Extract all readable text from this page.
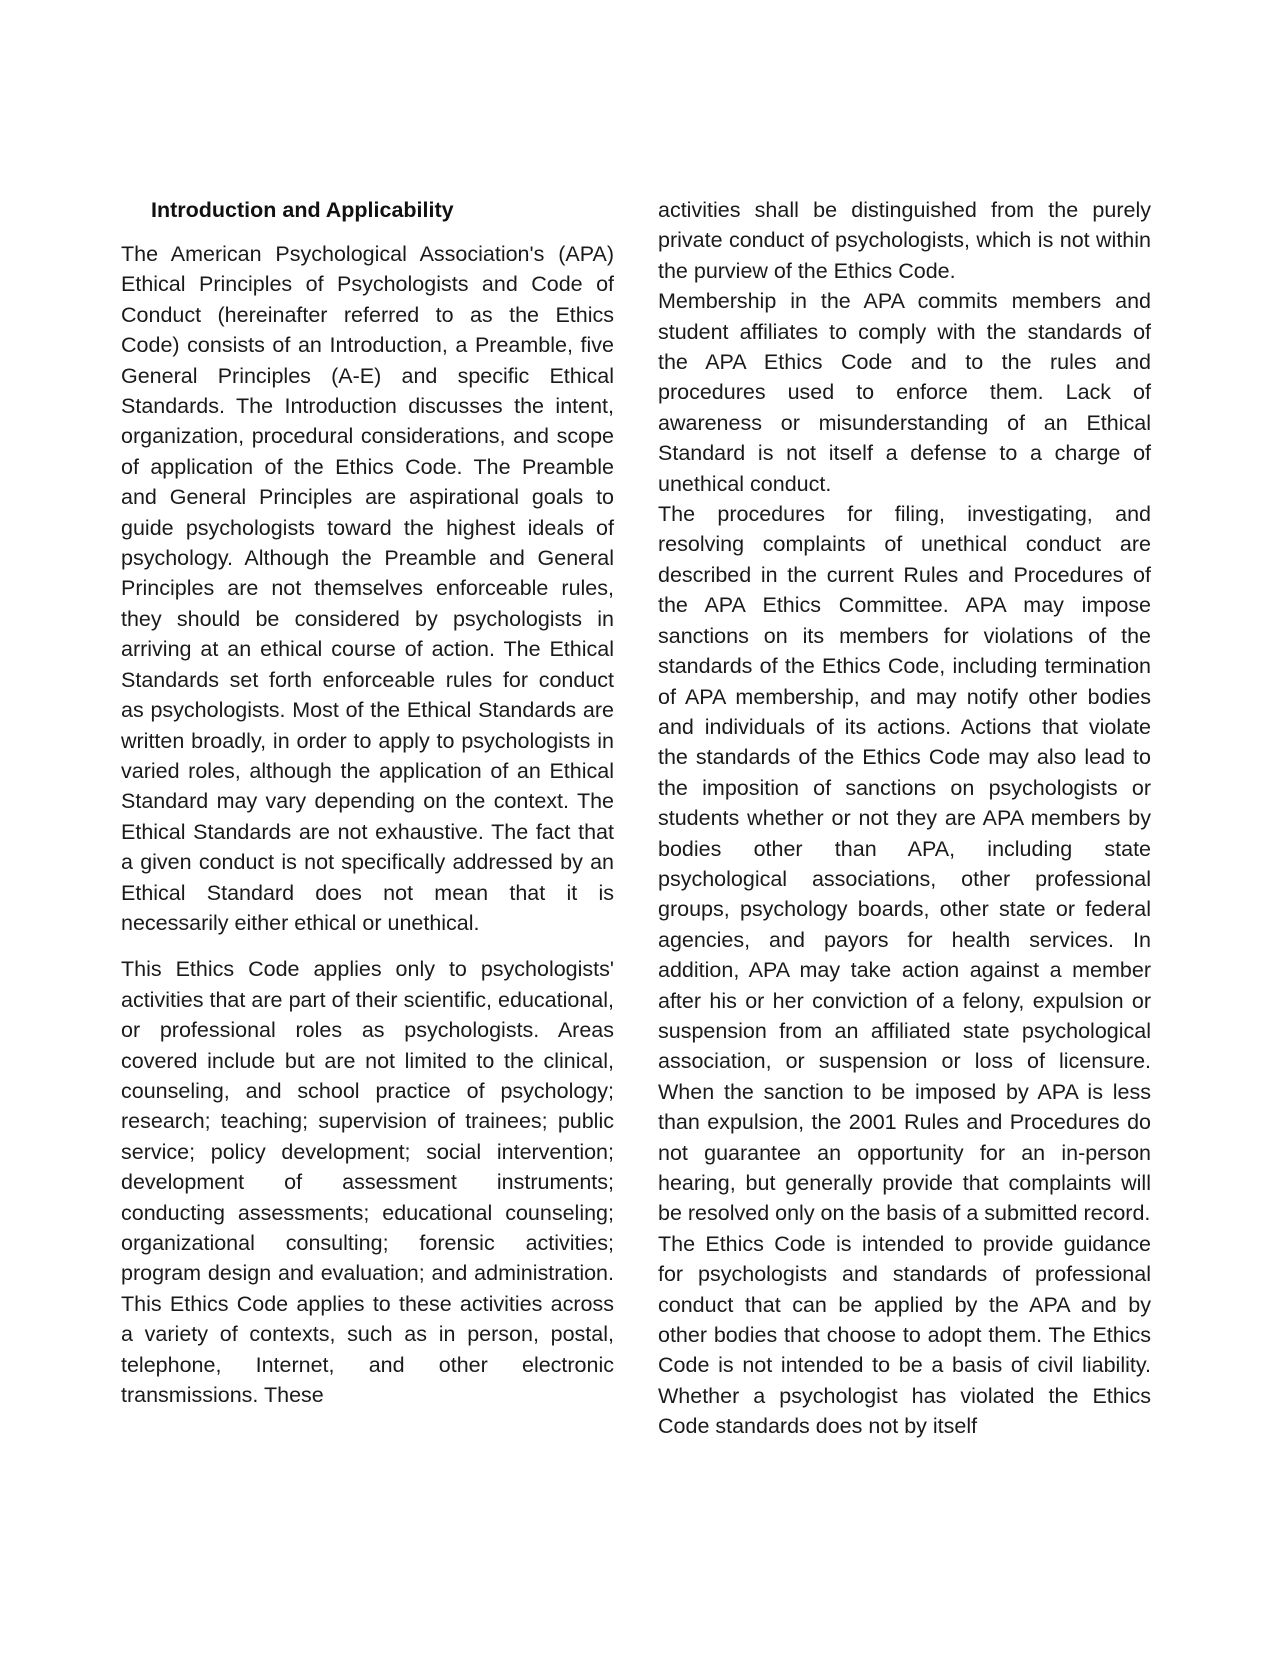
Introduction and Applicability

The American Psychological Association's (APA) Ethical Principles of Psychologists and Code of Conduct (hereinafter referred to as the Ethics Code) consists of an Introduction, a Preamble, five General Principles (A-E) and specific Ethical Standards. The Introduction discusses the intent, organization, procedural considerations, and scope of application of the Ethics Code. The Preamble and General Principles are aspirational goals to guide psychologists toward the highest ideals of psychology. Although the Preamble and General Principles are not themselves enforceable rules, they should be considered by psychologists in arriving at an ethical course of action. The Ethical Standards set forth enforceable rules for conduct as psychologists. Most of the Ethical Standards are written broadly, in order to apply to psychologists in varied roles, although the application of an Ethical Standard may vary depending on the context. The Ethical Standards are not exhaustive. The fact that a given conduct is not specifically addressed by an Ethical Standard does not mean that it is necessarily either ethical or unethical.

This Ethics Code applies only to psychologists' activities that are part of their scientific, educational, or professional roles as psychologists. Areas covered include but are not limited to the clinical, counseling, and school practice of psychology; research; teaching; supervision of trainees; public service; policy development; social intervention; development of assessment instruments; conducting assessments; educational counseling; organizational consulting; forensic activities; program design and evaluation; and administration. This Ethics Code applies to these activities across a variety of contexts, such as in person, postal, telephone, Internet, and other electronic transmissions. These

activities shall be distinguished from the purely private conduct of psychologists, which is not within the purview of the Ethics Code.

Membership in the APA commits members and student affiliates to comply with the standards of the APA Ethics Code and to the rules and procedures used to enforce them. Lack of awareness or misunderstanding of an Ethical Standard is not itself a defense to a charge of unethical conduct.

The procedures for filing, investigating, and resolving complaints of unethical conduct are described in the current Rules and Procedures of the APA Ethics Committee. APA may impose sanctions on its members for violations of the standards of the Ethics Code, including termination of APA membership, and may notify other bodies and individuals of its actions. Actions that violate the standards of the Ethics Code may also lead to the imposition of sanctions on psychologists or students whether or not they are APA members by bodies other than APA, including state psychological associations, other professional groups, psychology boards, other state or federal agencies, and payors for health services. In addition, APA may take action against a member after his or her conviction of a felony, expulsion or suspension from an affiliated state psychological association, or suspension or loss of licensure. When the sanction to be imposed by APA is less than expulsion, the 2001 Rules and Procedures do not guarantee an opportunity for an in-person hearing, but generally provide that complaints will be resolved only on the basis of a submitted record.

The Ethics Code is intended to provide guidance for psychologists and standards of professional conduct that can be applied by the APA and by other bodies that choose to adopt them. The Ethics Code is not intended to be a basis of civil liability. Whether a psychologist has violated the Ethics Code standards does not by itself
